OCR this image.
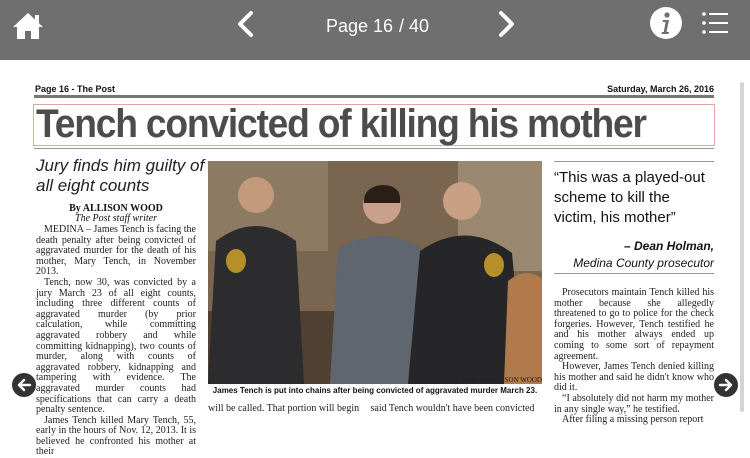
Page 16 / 40
Page 16 - The Post	Saturday, March 26, 2016
Tench convicted of killing his mother
Jury finds him guilty of all eight counts
By ALLISON WOOD
The Post staff writer
MEDINA – James Tench is facing the death penalty after being convicted of aggravated murder for the death of his mother, Mary Tench, in November 2013.
Tench, now 30, was convicted by a jury March 23 of all eight counts, including three different counts of aggravated murder (by prior calculation, while committing aggravated robbery and while committing kidnapping), two counts of murder, along with counts of aggravated robbery, kidnapping and tampering with evidence. The aggravated murder counts had specifications that can carry a death penalty sentence.
James Tench killed Mary Tench, 55, early in the hours of Nov. 12, 2013. It is believed he confronted his mother at their
Photo by ALLISON WOOD
James Tench is put into chains after being convicted of aggravated murder March 23.
will be called. That portion will begin said Tench wouldn't have been convicted
“This was a played-out scheme to kill the victim, his mother”
– Dean Holman,
Medina County prosecutor
Prosecutors maintain Tench killed his mother because she allegedly threatened to go to police for the check forgeries. However, Tench testified he and his mother always ended up coming to some sort of repayment agreement.
However, James Tench denied killing his mother and said he didn't know who did it.
“I absolutely did not harm my mother in any single way,” he testified.
After filing a missing person report
